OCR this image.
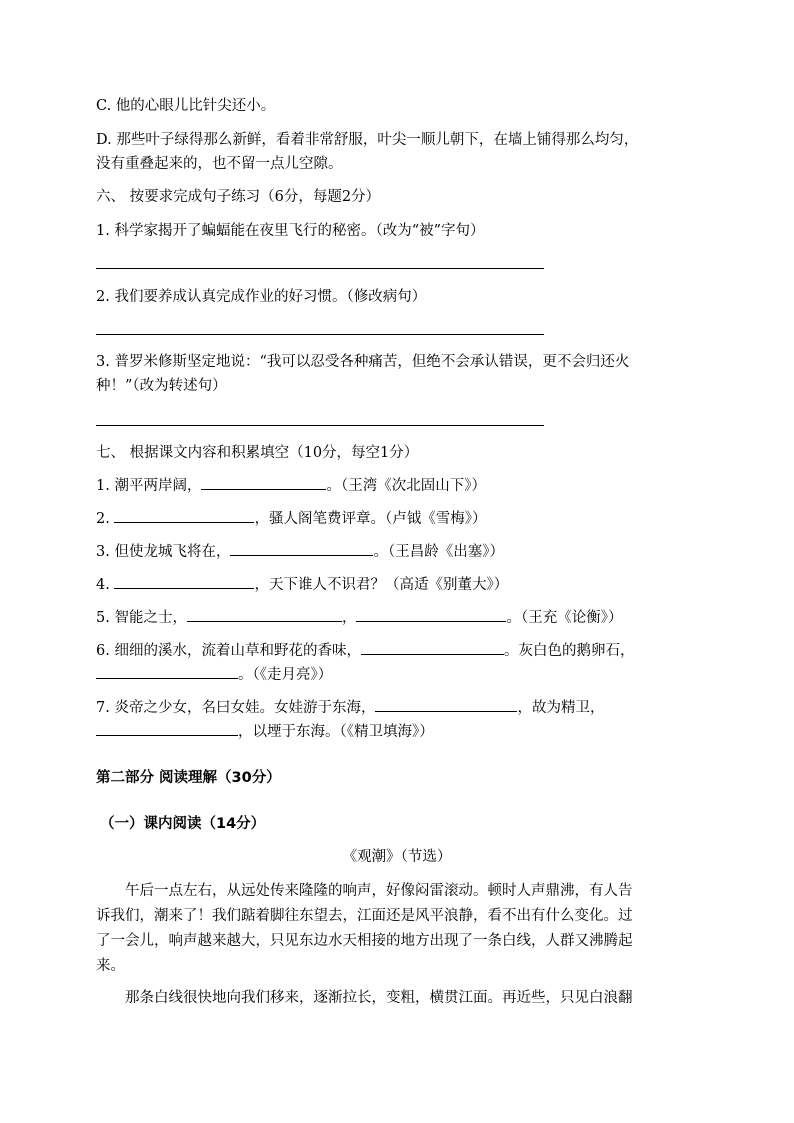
C. 他的心眼儿比针尖还小。
D. 那些叶子绿得那么新鲜，看着非常舒服，叶尖一顺儿朝下，在墙上铺得那么均匀，
没有重叠起来的，也不留一点儿空隙。
六、 按要求完成句子练习（6分，每题2分）
1. 科学家揭开了蝙蝠能在夜里飞行的秘密。（改为“被”字句）
2. 我们要养成认真完成作业的好习惯。（修改病句）
3. 普罗米修斯坚定地说：“我可以忍受各种痛苦，但绝不会承认错误，更不会归还火
种！”（改为转述句）
七、 根据课文内容和积累填空（10分，每空1分）
1. 潮平两岸阔，	。（王湾《次北固山下》）
2.	，骚人阁笔费评章。（卢钺《雪梅》）
3. 但使龙城飞将在，	。（王昌龄《出塞》）
4.	，天下谁人不识君？（高适《别董大》）
5. 智能之士，	，	。（王充《论衡》）
6. 细细的溪水，流着山草和野花的香味，	。灰白色的鹅卵石，
。（《走月亮》）
7. 炎帝之少女，名曰女娃。女娃游于东海，	，故为精卫，
，以堙于东海。（《精卫填海》）
第二部分 阅读理解（30分）
（一）课内阅读（14分）
《观潮》（节选）
午后一点左右，从远处传来隆隆的响声，好像闷雷滚动。顿时人声鼎沸，有人告
诉我们，潮来了！我们踮着脚往东望去，江面还是风平浪静，看不出有什么变化。过
了一会儿，响声越来越大，只见东边水天相接的地方出现了一条白线，人群又沸腾起
来。
那条白线很快地向我们移来，逐渐拉长，变粗，横贯江面。再近些，只见白浪翻
